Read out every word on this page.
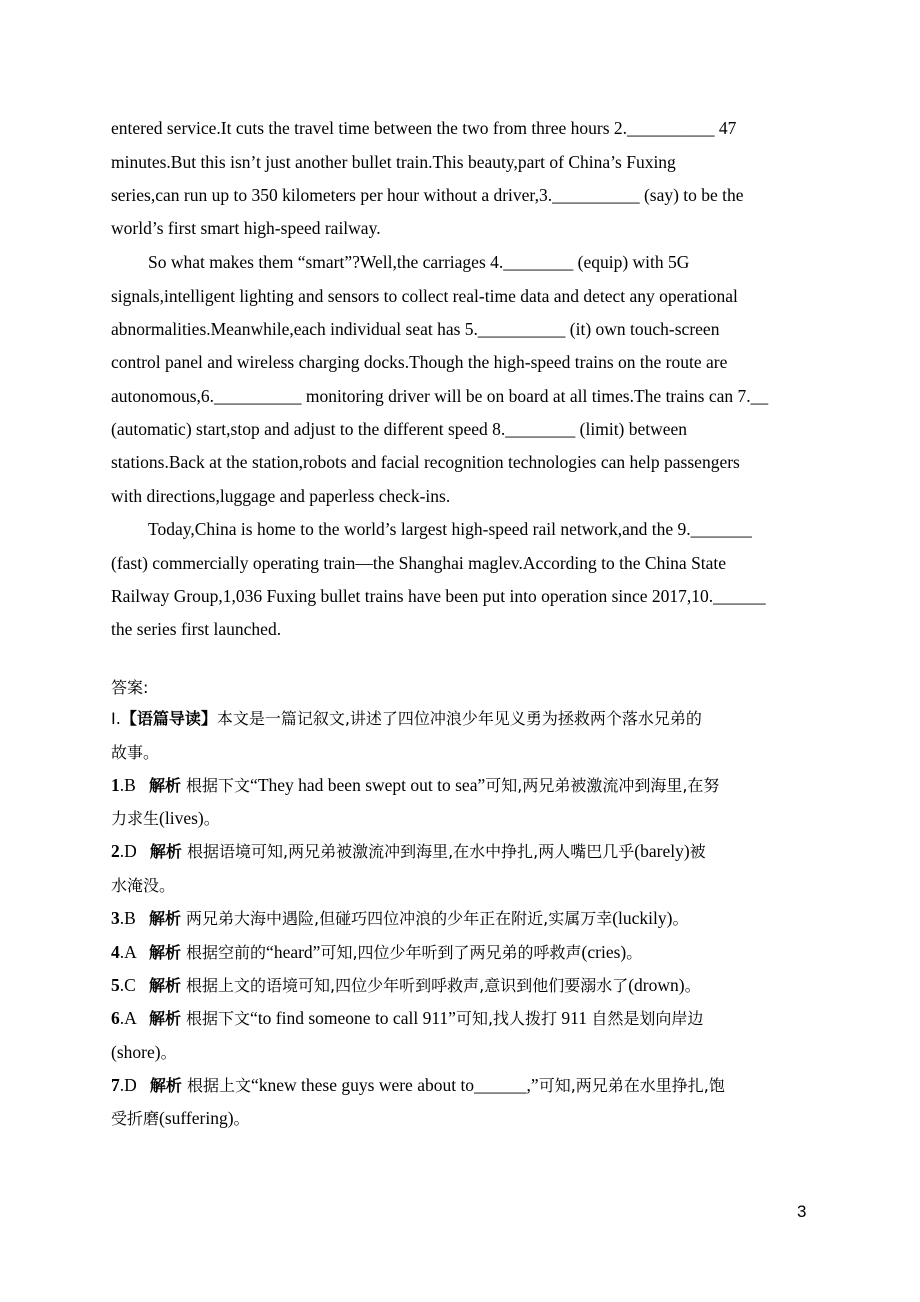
entered service.It cuts the travel time between the two from three hours 2.__________ 47
minutes.But this isn’t just another bullet train.This beauty,part of China’s Fuxing
series,can run up to 350 kilometers per hour without a driver,3.__________ (say) to be the
world’s first smart high-speed railway.
So what makes them “smart”?Well,the carriages 4.________ (equip) with 5G
signals,intelligent lighting and sensors to collect real-time data and detect any operational
abnormalities.Meanwhile,each individual seat has 5.__________ (it) own touch-screen
control panel and wireless charging docks.Though the high-speed trains on the route are
autonomous,6.__________ monitoring driver will be on board at all times.The trains can 7.__
(automatic) start,stop and adjust to the different speed 8.________ (limit) between
stations.Back at the station,robots and facial recognition technologies can help passengers
with directions,luggage and paperless check-ins.
Today,China is home to the world’s largest high-speed rail network,and the 9._______
(fast) commercially operating train—the Shanghai maglev.According to the China State
Railway Group,1,036 Fuxing bullet trains have been put into operation since 2017,10.______
the series first launched.
答案:
Ⅰ.【语篇导读】本文是一篇记叙文,讲述了四位冲浪少年见义勇为拯救两个落水兄弟的
故事。
1.B   解析 根据下文“They had been swept out to sea”可知,两兄弟被激流冲到海里,在努
力求生(lives)。
2.D   解析 根据语境可知,两兄弟被激流冲到海里,在水中挣扎,两人嘴巴几乎(barely)被
水淹没。
3.B   解析 两兄弟大海中遇险,但碰巧四位冲浪的少年正在附近,实属万幸(luckily)。
4.A   解析 根据空前的“heard”可知,四位少年听到了两兄弟的呼救声(cries)。
5.C   解析 根据上文的语境可知,四位少年听到呼救声,意识到他们要溺水了(drown)。
6.A   解析 根据下文“to find someone to call 911”可知,找人拨打 911 自然是划向岸边
(shore)。
7.D   解析 根据上文“knew these guys were about to______,”可知,两兄弟在水里挣扎,饱
受折磨(suffering)。
3
